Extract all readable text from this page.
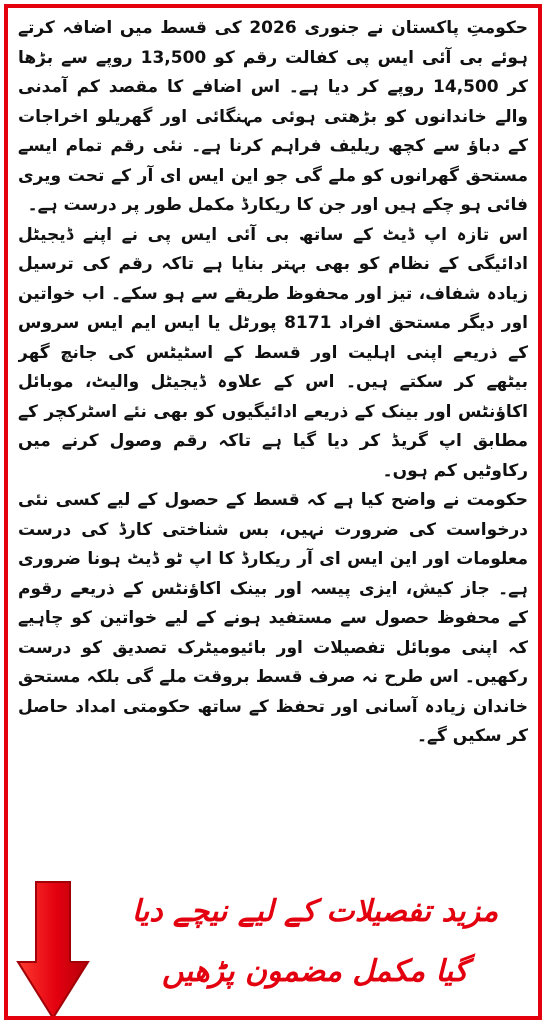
حکومتِ پاکستان نے جنوری 2026 کی قسط میں اضافہ کرتے ہوئے بی آئی ایس پی کفالت رقم کو 13,500 روپے سے بڑھا کر 14,500 روپے کر دیا ہے۔ اس اضافے کا مقصد کم آمدنی والے خاندانوں کو بڑھتی ہوئی مہنگائی اور گھریلو اخراجات کے دباؤ سے کچھ ریلیف فراہم کرنا ہے۔ نئی رقم تمام ایسے مستحق گھرانوں کو ملے گی جو این ایس ای آر کے تحت ویری فائی ہو چکے ہیں اور جن کا ریکارڈ مکمل طور پر درست ہے۔

اس تازہ اپ ڈیٹ کے ساتھ بی آئی ایس پی نے اپنے ڈیجیٹل ادائیگی کے نظام کو بھی بہتر بنایا ہے تاکہ رقم کی ترسیل زیادہ شفاف، تیز اور محفوظ طریقے سے ہو سکے۔ اب خواتین اور دیگر مستحق افراد 8171 پورٹل یا ایس ایم ایس سروس کے ذریعے اپنی اہلیت اور قسط کے اسٹیٹس کی جانچ گھر بیٹھے کر سکتے ہیں۔ اس کے علاوہ ڈیجیٹل والیٹ، موبائل اکاؤنٹس اور بینک کے ذریعے ادائیگیوں کو بھی نئے اسٹرکچر کے مطابق اپ گریڈ کر دیا گیا ہے تاکہ رقم وصول کرنے میں رکاوٹیں کم ہوں۔

حکومت نے واضح کیا ہے کہ قسط کے حصول کے لیے کسی نئی درخواست کی ضرورت نہیں، بس شناختی کارڈ کی درست معلومات اور این ایس ای آر ریکارڈ کا اپ ٹو ڈیٹ ہونا ضروری ہے۔ جاز کیش، ایزی پیسہ اور بینک اکاؤنٹس کے ذریعے رقوم کے محفوظ حصول سے مستفید ہونے کے لیے خواتین کو چاہیے کہ اپنی موبائل تفصیلات اور بائیومیٹرک تصدیق کو درست رکھیں۔ اس طرح نہ صرف قسط بروقت ملے گی بلکہ مستحق خاندان زیادہ آسانی اور تحفظ کے ساتھ حکومتی امداد حاصل کر سکیں گے۔

مزید تفصیلات کے لیے نیچے دیا
گیا مکمل مضمون پڑھیں
